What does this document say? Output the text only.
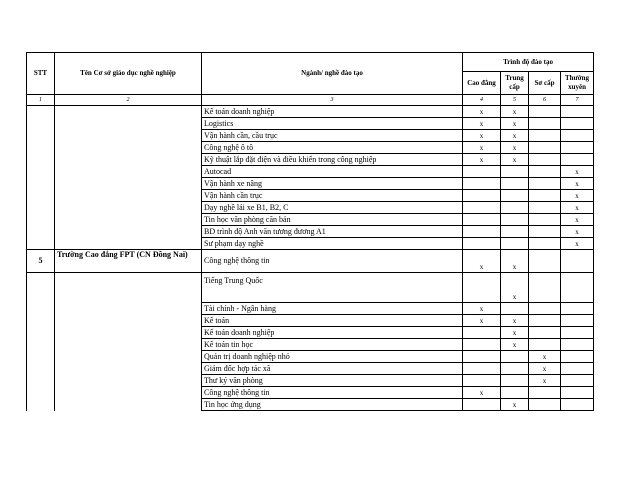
STT	Tên Cơ sở giáo dục nghề nghiệp	Ngành/ nghề đào tạo	Trình độ đào tạo			
			Cao đẳng	Trung cấp	Sơ cấp	Thường xuyên
1	2	3	4	5	6	7
		Kế toán doanh nghiệp	x	x		
		Logistics	x	x		
		Vận hành cần, cầu trục	x	x		
		Công nghệ ô tô	x	x		
		Kỹ thuật lắp đặt điện và điều khiển trong công nghiệp	x	x		
		Autocad				x
		Vận hành xe nâng				x
		Vận hành cần trục				x
		Dạy nghề lái xe B1, B2, C				x
		Tin học văn phòng căn bản				x
		BD trình độ Anh văn tương đương A1				x
		Sư phạm dạy nghề				x
5	Trường Cao đẳng FPT (CN Đồng Nai)	Công nghệ thông tin	x	x		
		Tiếng Trung Quốc		x		
		Tài chính - Ngân hàng	x			
		Kế toán	x	x		
		Kế toán doanh nghiệp		x		
		Kế toán tin học		x		
		Quản trị doanh nghiệp nhỏ			x	
		Giám đốc hợp tác xã			x	
		Thư ký văn phòng			x	
		Công nghệ thông tin	x			
		Tin học ứng dụng		x		
